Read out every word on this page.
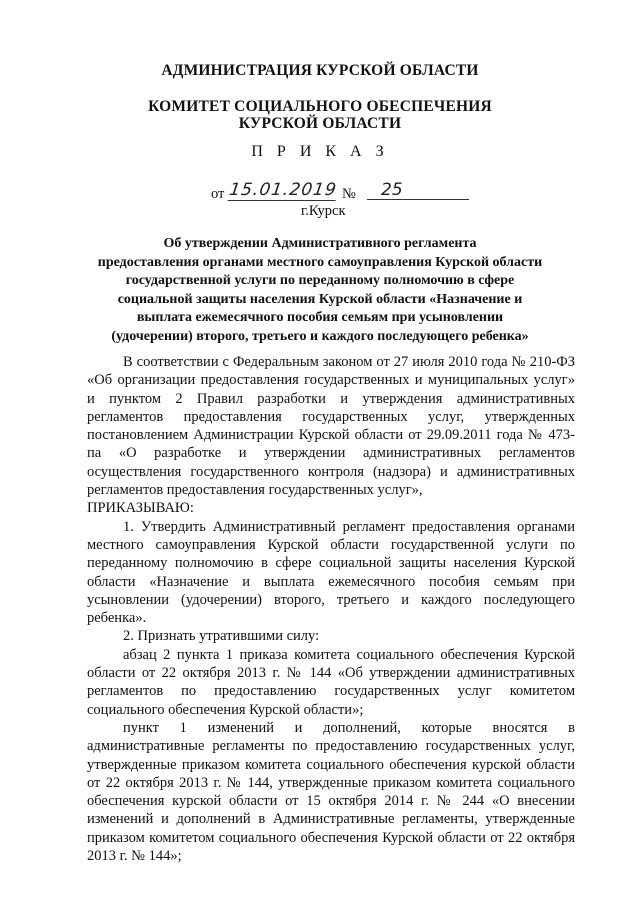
АДМИНИСТРАЦИЯ КУРСКОЙ ОБЛАСТИ
КОМИТЕТ СОЦИАЛЬНОГО ОБЕСПЕЧЕНИЯ
КУРСКОЙ ОБЛАСТИ
П Р И К А З
от 15.01.2019 №	25
г.Курск
Об утверждении Административного регламента
предоставления органами местного самоуправления Курской области
государственной услуги по переданному полномочию в сфере
социальной защиты населения Курской области «Назначение и
выплата ежемесячного пособия семьям при усыновлении
(удочерении) второго, третьего и каждого последующего ребенка»

В соответствии с Федеральным законом от 27 июля 2010 года № 210-ФЗ «Об организации предоставления государственных и муниципальных услуг» и пунктом 2 Правил разработки и утверждения административных регламентов предоставления государственных услуг, утвержденных постановлением Администрации Курской области от 29.09.2011 года № 473-па «О разработке и утверждении административных регламентов осуществления государственного контроля (надзора) и административных регламентов предоставления государственных услуг»,

ПРИКАЗЫВАЮ:

1. Утвердить Административный регламент предоставления органами местного самоуправления Курской области государственной услуги по переданному полномочию в сфере социальной защиты населения Курской области «Назначение и выплата ежемесячного пособия семьям при усыновлении (удочерении) второго, третьего и каждого последующего ребенка».

2. Признать утратившими силу:

абзац 2 пункта 1 приказа комитета социального обеспечения Курской области от 22 октября 2013 г. № 144 «Об утверждении административных регламентов по предоставлению государственных услуг комитетом социального обеспечения Курской области»;

пункт 1 изменений и дополнений, которые вносятся в административные регламенты по предоставлению государственных услуг, утвержденные приказом комитета социального обеспечения курской области от 22 октября 2013 г. № 144, утвержденные приказом комитета социального обеспечения курской области от 15 октября 2014 г. № 244 «О внесении изменений и дополнений в Административные регламенты, утвержденные приказом комитетом социального обеспечения Курской области от 22 октября 2013 г. № 144»;
